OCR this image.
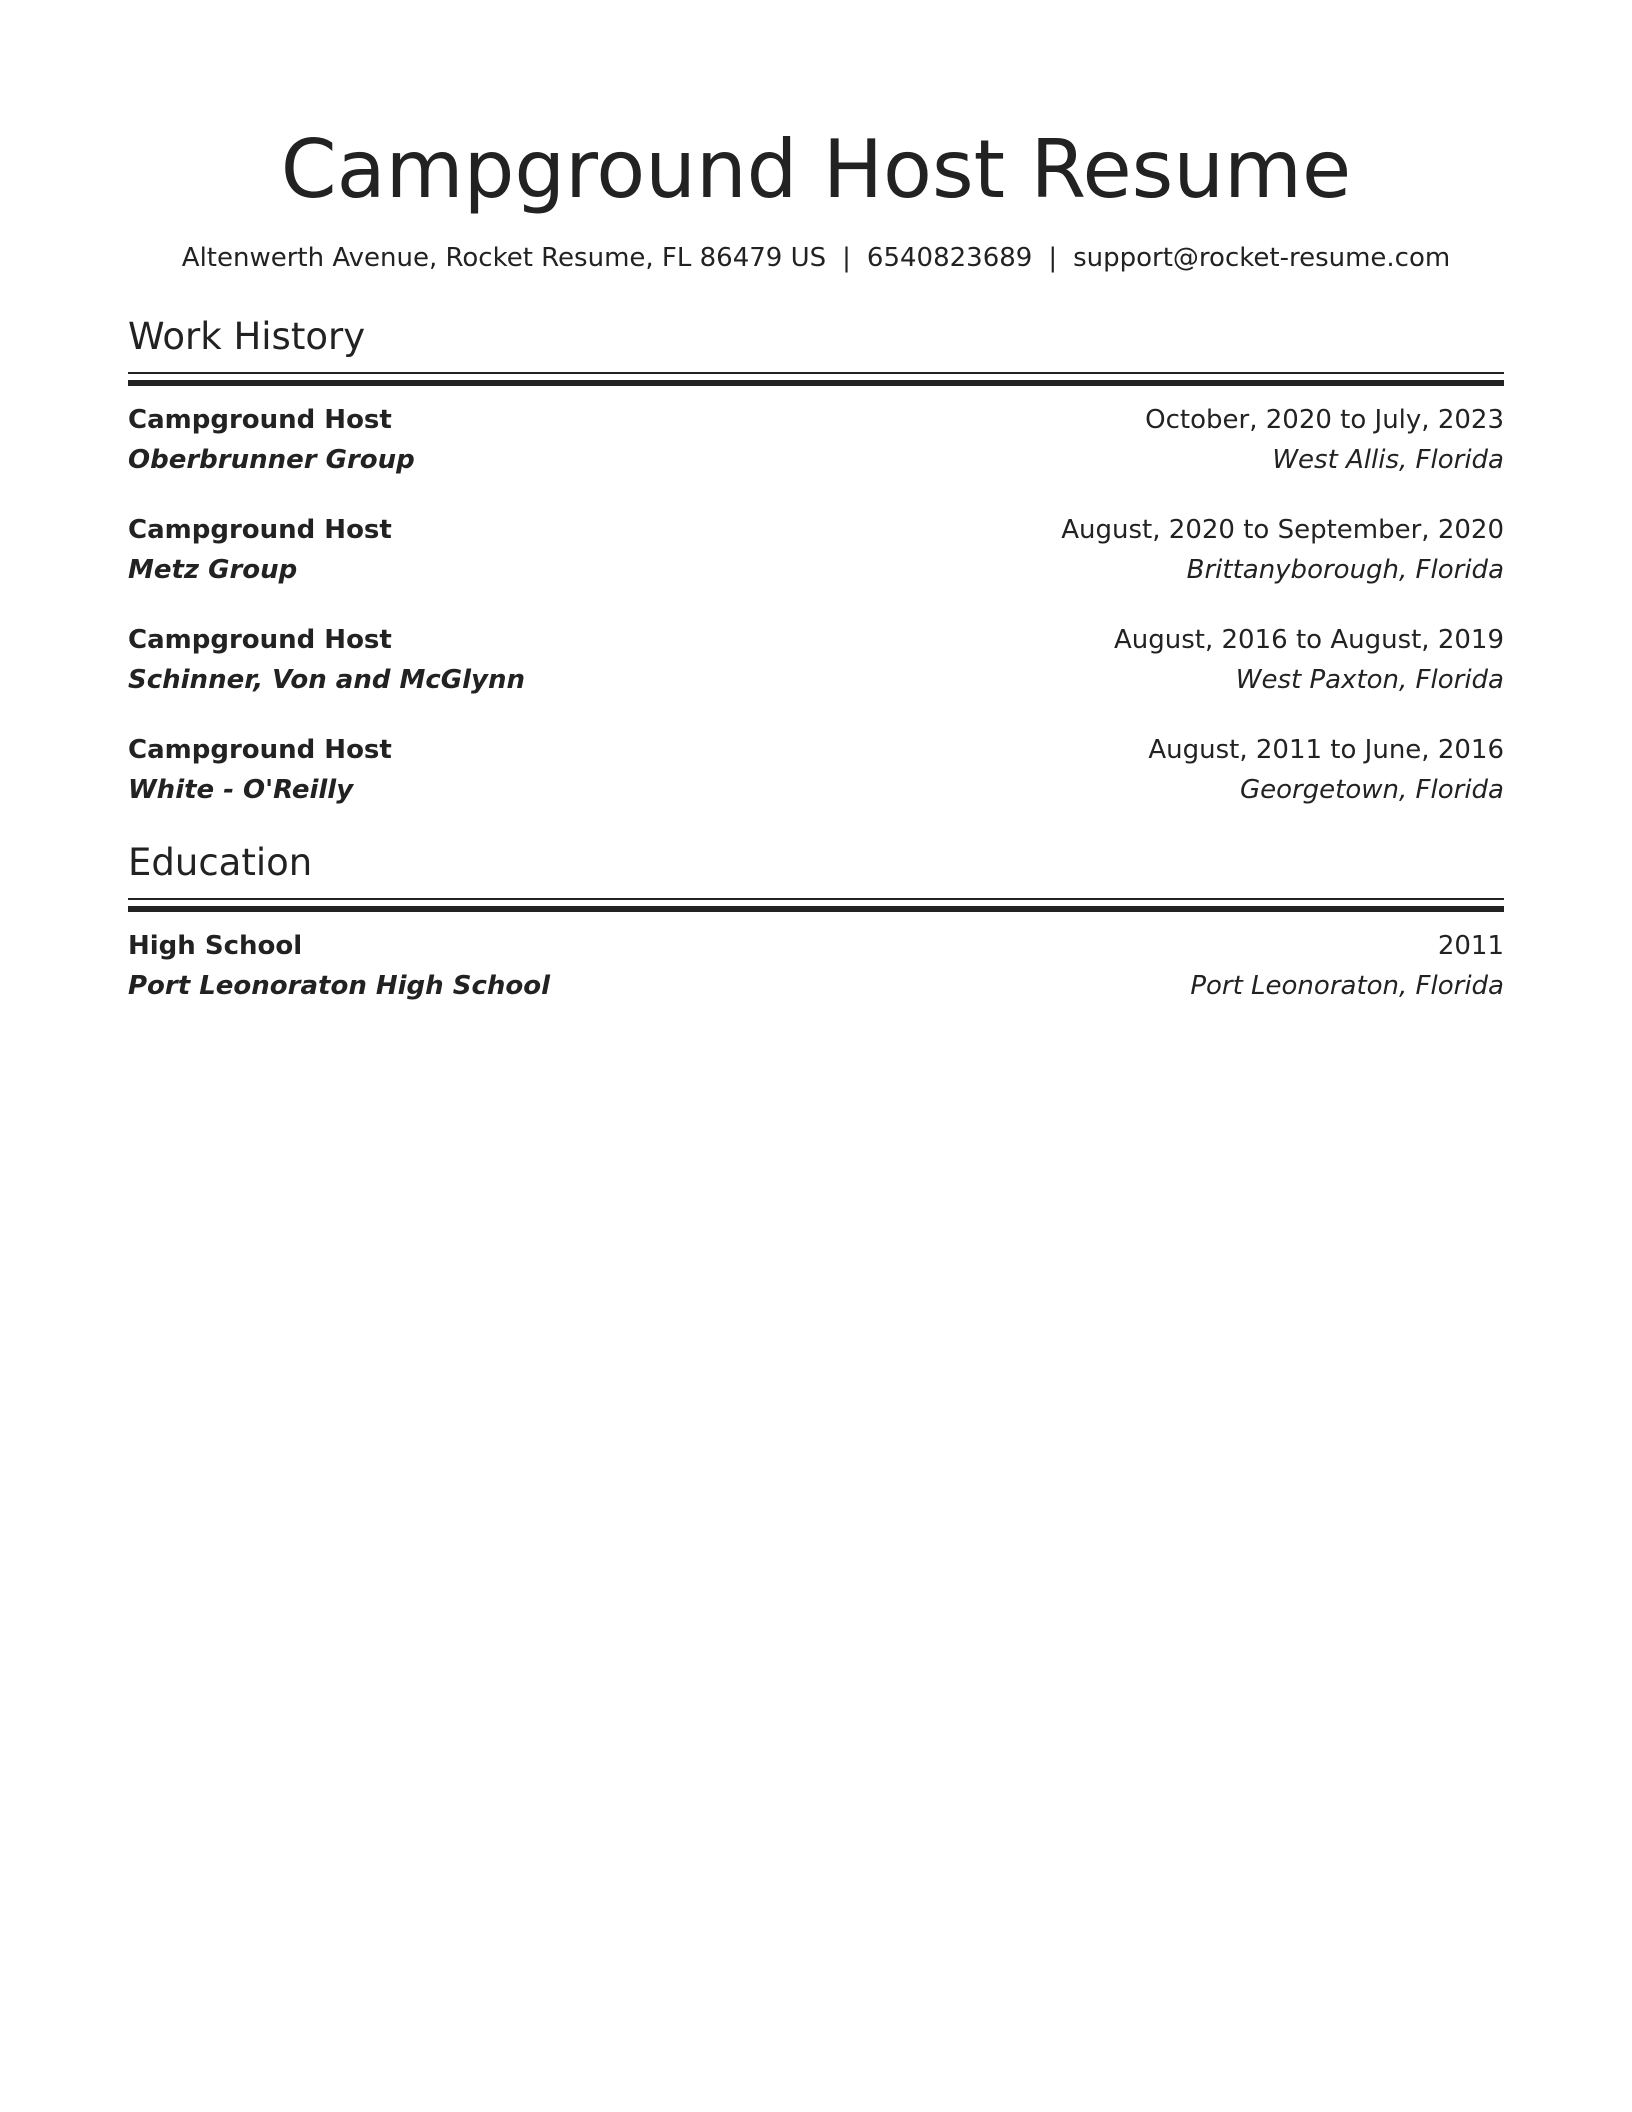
Campground Host Resume
Altenwerth Avenue, Rocket Resume, FL 86479 US | 6540823689 | support@rocket-resume.com
Work History
Campground Host	October, 2020 to July, 2023
Oberbrunner Group	West Allis, Florida
Campground Host	August, 2020 to September, 2020
Metz Group	Brittanyborough, Florida
Campground Host	August, 2016 to August, 2019
Schinner, Von and McGlynn	West Paxton, Florida
Campground Host	August, 2011 to June, 2016
White - O'Reilly	Georgetown, Florida
Education
High School	2011
Port Leonoraton High School	Port Leonoraton, Florida
